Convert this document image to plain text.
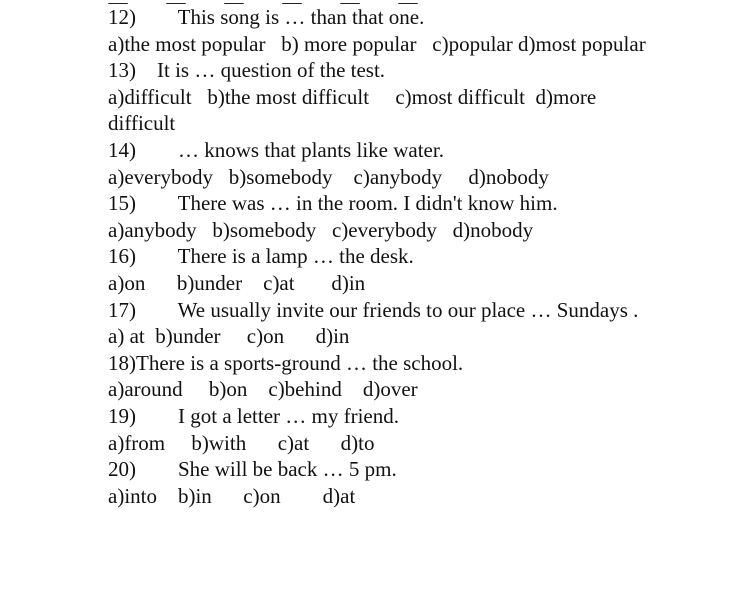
12)        This song is … than that one.
a)the most popular   b) more popular   c)popular d)most popular
13)    It is … question of the test.
a)difficult   b)the most difficult     c)most difficult  d)more
difficult
14)        … knows that plants like water.
a)everybody   b)somebody    c)anybody     d)nobody
15)        There was … in the room. I didn't know him.
a)anybody   b)somebody   c)everybody   d)nobody
16)        There is a lamp … the desk.
a)on      b)under    c)at       d)in
17)        We usually invite our friends to our place … Sundays .
a) at  b)under     c)on      d)in
18)There is a sports-ground … the school.
a)around     b)on    c)behind    d)over
19)        I got a letter … my friend.
a)from     b)with      c)at      d)to
20)        She will be back … 5 pm.
a)into    b)in      c)on        d)at
